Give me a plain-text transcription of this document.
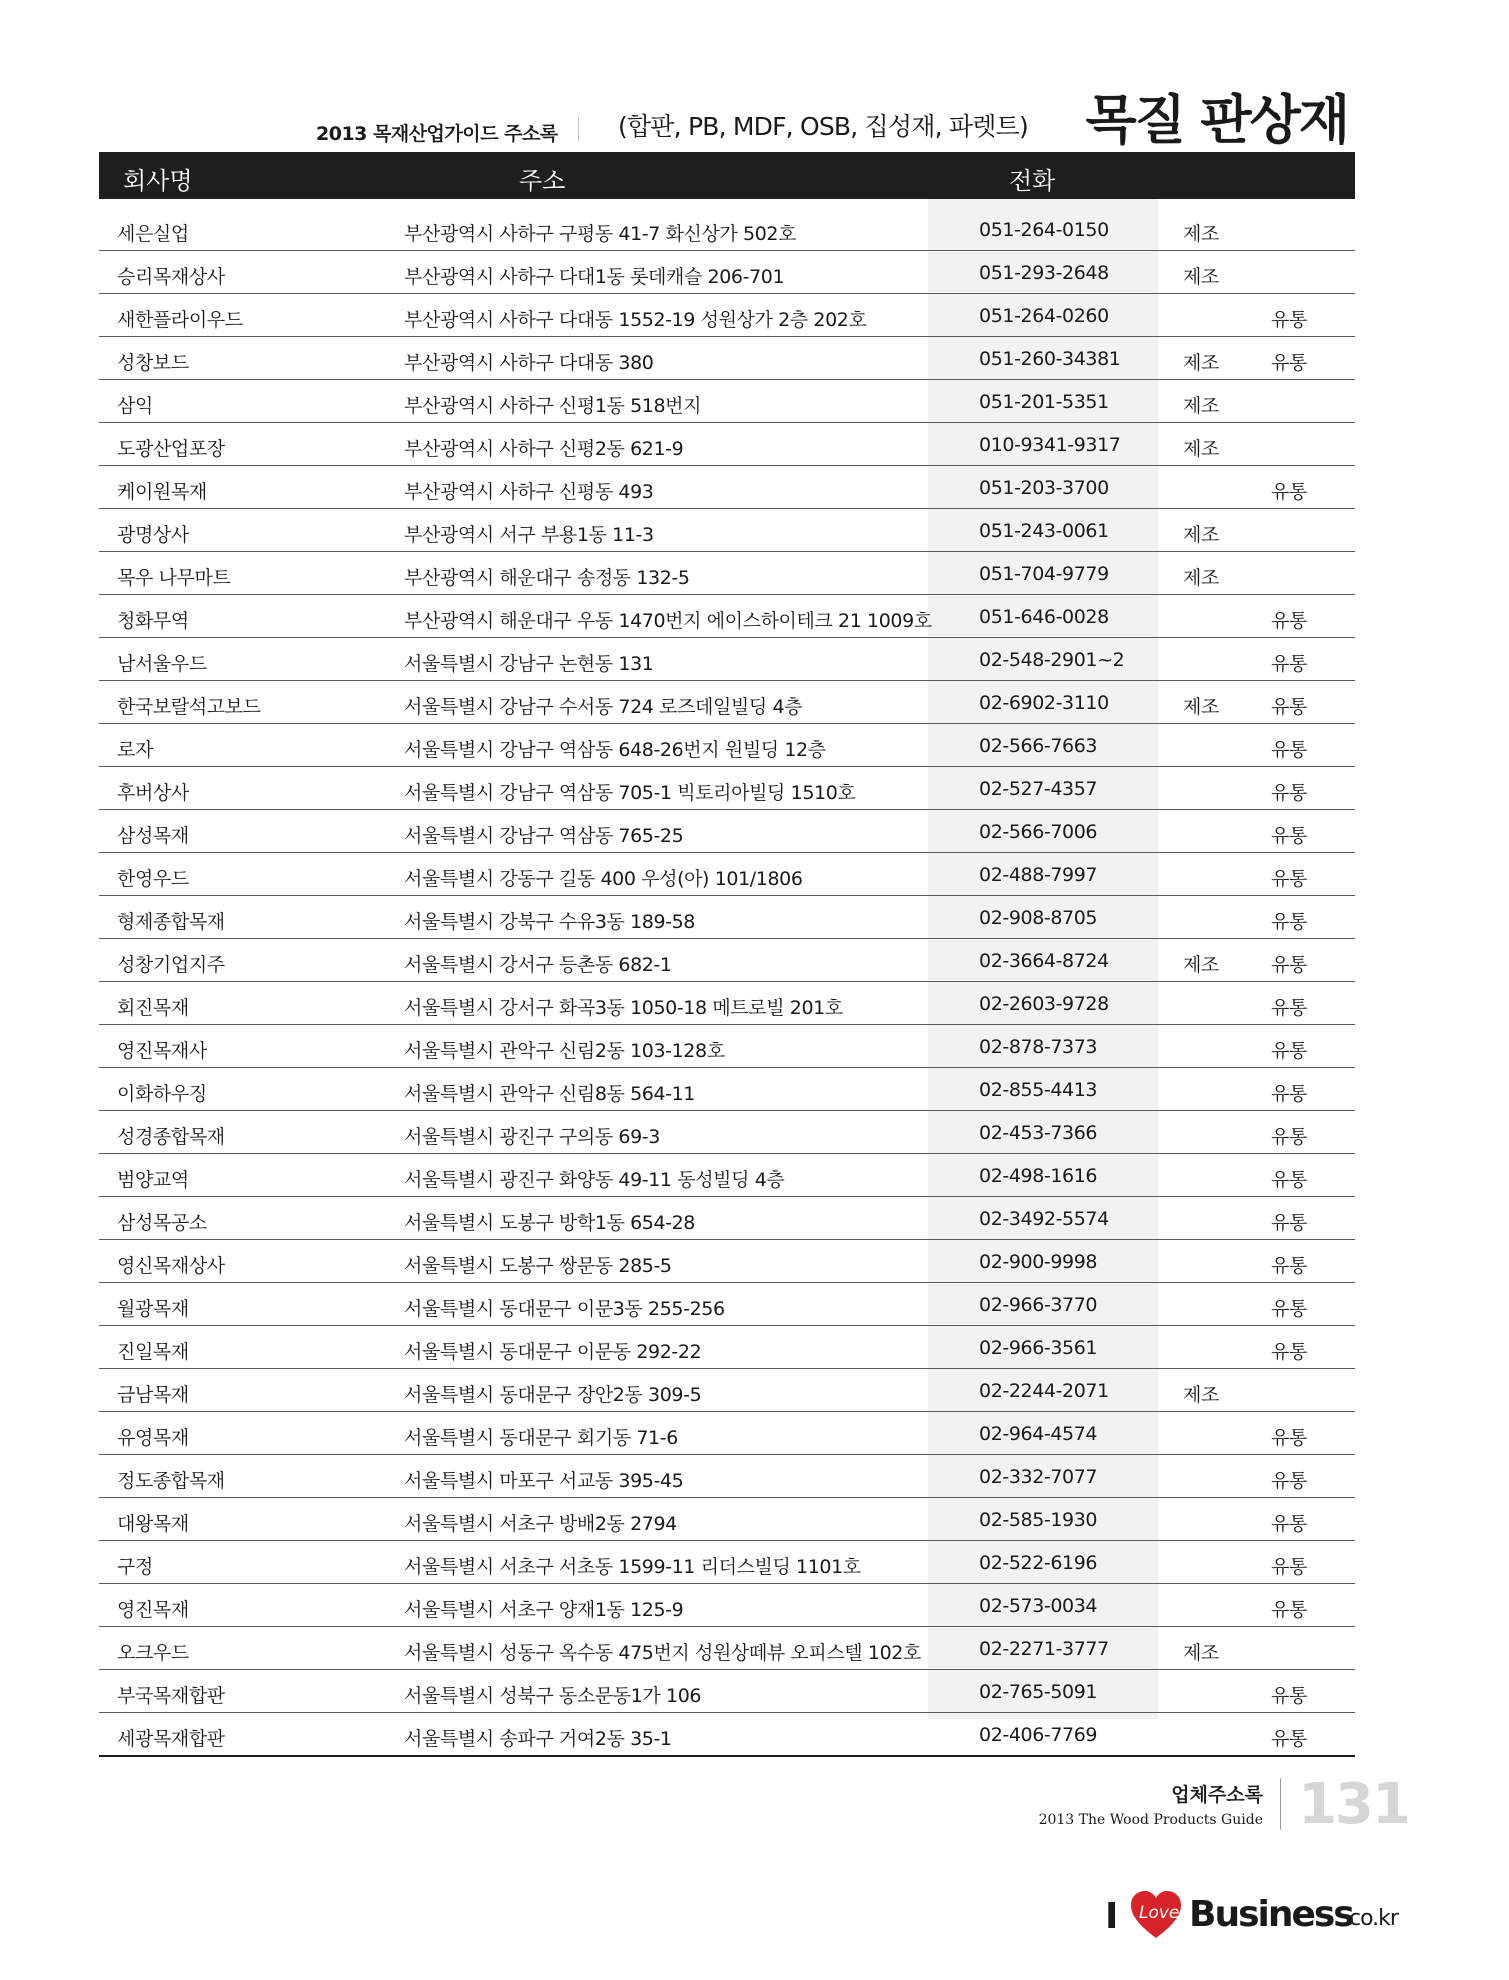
2013 목재산업가이드 주소록 (합판, PB, MDF, OSB, 집성재, 파렛트) 목질 판상재
회사명	주소	전화
세은실업	부산광역시 사하구 구평동 41-7 화신상가 502호	051-264-0150	제조
승리목재상사	부산광역시 사하구 다대1동 롯데캐슬 206-701	051-293-2648	제조
새한플라이우드	부산광역시 사하구 다대동 1552-19 성원상가 2층 202호	051-264-0260	유통
성창보드	부산광역시 사하구 다대동 380	051-260-34381	제조	유통
삼익	부산광역시 사하구 신평1동 518번지	051-201-5351	제조
도광산업포장	부산광역시 사하구 신평2동 621-9	010-9341-9317	제조
케이원목재	부산광역시 사하구 신평동 493	051-203-3700	유통
광명상사	부산광역시 서구 부용1동 11-3	051-243-0061	제조
목우 나무마트	부산광역시 해운대구 송정동 132-5	051-704-9779	제조
청화무역	부산광역시 해운대구 우동 1470번지 에이스하이테크 21 1009호 051-646-0028	유통
남서울우드	서울특별시 강남구 논현동 131	02-548-2901~2	유통
한국보랄석고보드	서울특별시 강남구 수서동 724 로즈데일빌딩 4층	02-6902-3110	제조	유통
로자	서울특별시 강남구 역삼동 648-26번지 원빌딩 12층	02-566-7663	유통
후버상사	서울특별시 강남구 역삼동 705-1 빅토리아빌딩 1510호	02-527-4357	유통
삼성목재	서울특별시 강남구 역삼동 765-25	02-566-7006	유통
한영우드	서울특별시 강동구 길동 400 우성(아) 101/1806	02-488-7997	유통
형제종합목재	서울특별시 강북구 수유3동 189-58	02-908-8705	유통
성창기업지주	서울특별시 강서구 등촌동 682-1	02-3664-8724	제조	유통
회진목재	서울특별시 강서구 화곡3동 1050-18 메트로빌 201호	02-2603-9728	유통
영진목재사	서울특별시 관악구 신림2동 103-128호	02-878-7373	유통
이화하우징	서울특별시 관악구 신림8동 564-11	02-855-4413	유통
성경종합목재	서울특별시 광진구 구의동 69-3	02-453-7366	유통
범양교역	서울특별시 광진구 화양동 49-11 동성빌딩 4층	02-498-1616	유통
삼성목공소	서울특별시 도봉구 방학1동 654-28	02-3492-5574	유통
영신목재상사	서울특별시 도봉구 쌍문동 285-5	02-900-9998	유통
월광목재	서울특별시 동대문구 이문3동 255-256	02-966-3770	유통
진일목재	서울특별시 동대문구 이문동 292-22	02-966-3561	유통
금남목재	서울특별시 동대문구 장안2동 309-5	02-2244-2071	제조
유영목재	서울특별시 동대문구 회기동 71-6	02-964-4574	유통
정도종합목재	서울특별시 마포구 서교동 395-45	02-332-7077	유통
대왕목재	서울특별시 서초구 방배2동 2794	02-585-1930	유통
구정	서울특별시 서초구 서초동 1599-11 리더스빌딩 1101호	02-522-6196	유통
영진목재	서울특별시 서초구 양재1동 125-9	02-573-0034	유통
오크우드	서울특별시 성동구 옥수동 475번지 성원상떼뷰 오피스텔 102호	02-2271-3777	제조
부국목재합판	서울특별시 성북구 동소문동1가 106	02-765-5091	유통
세광목재합판	서울특별시 송파구 거여2동 35-1	02-406-7769	유통
업체주소록
2013 The Wood Products Guide 131
I Love Business
.co.kr
